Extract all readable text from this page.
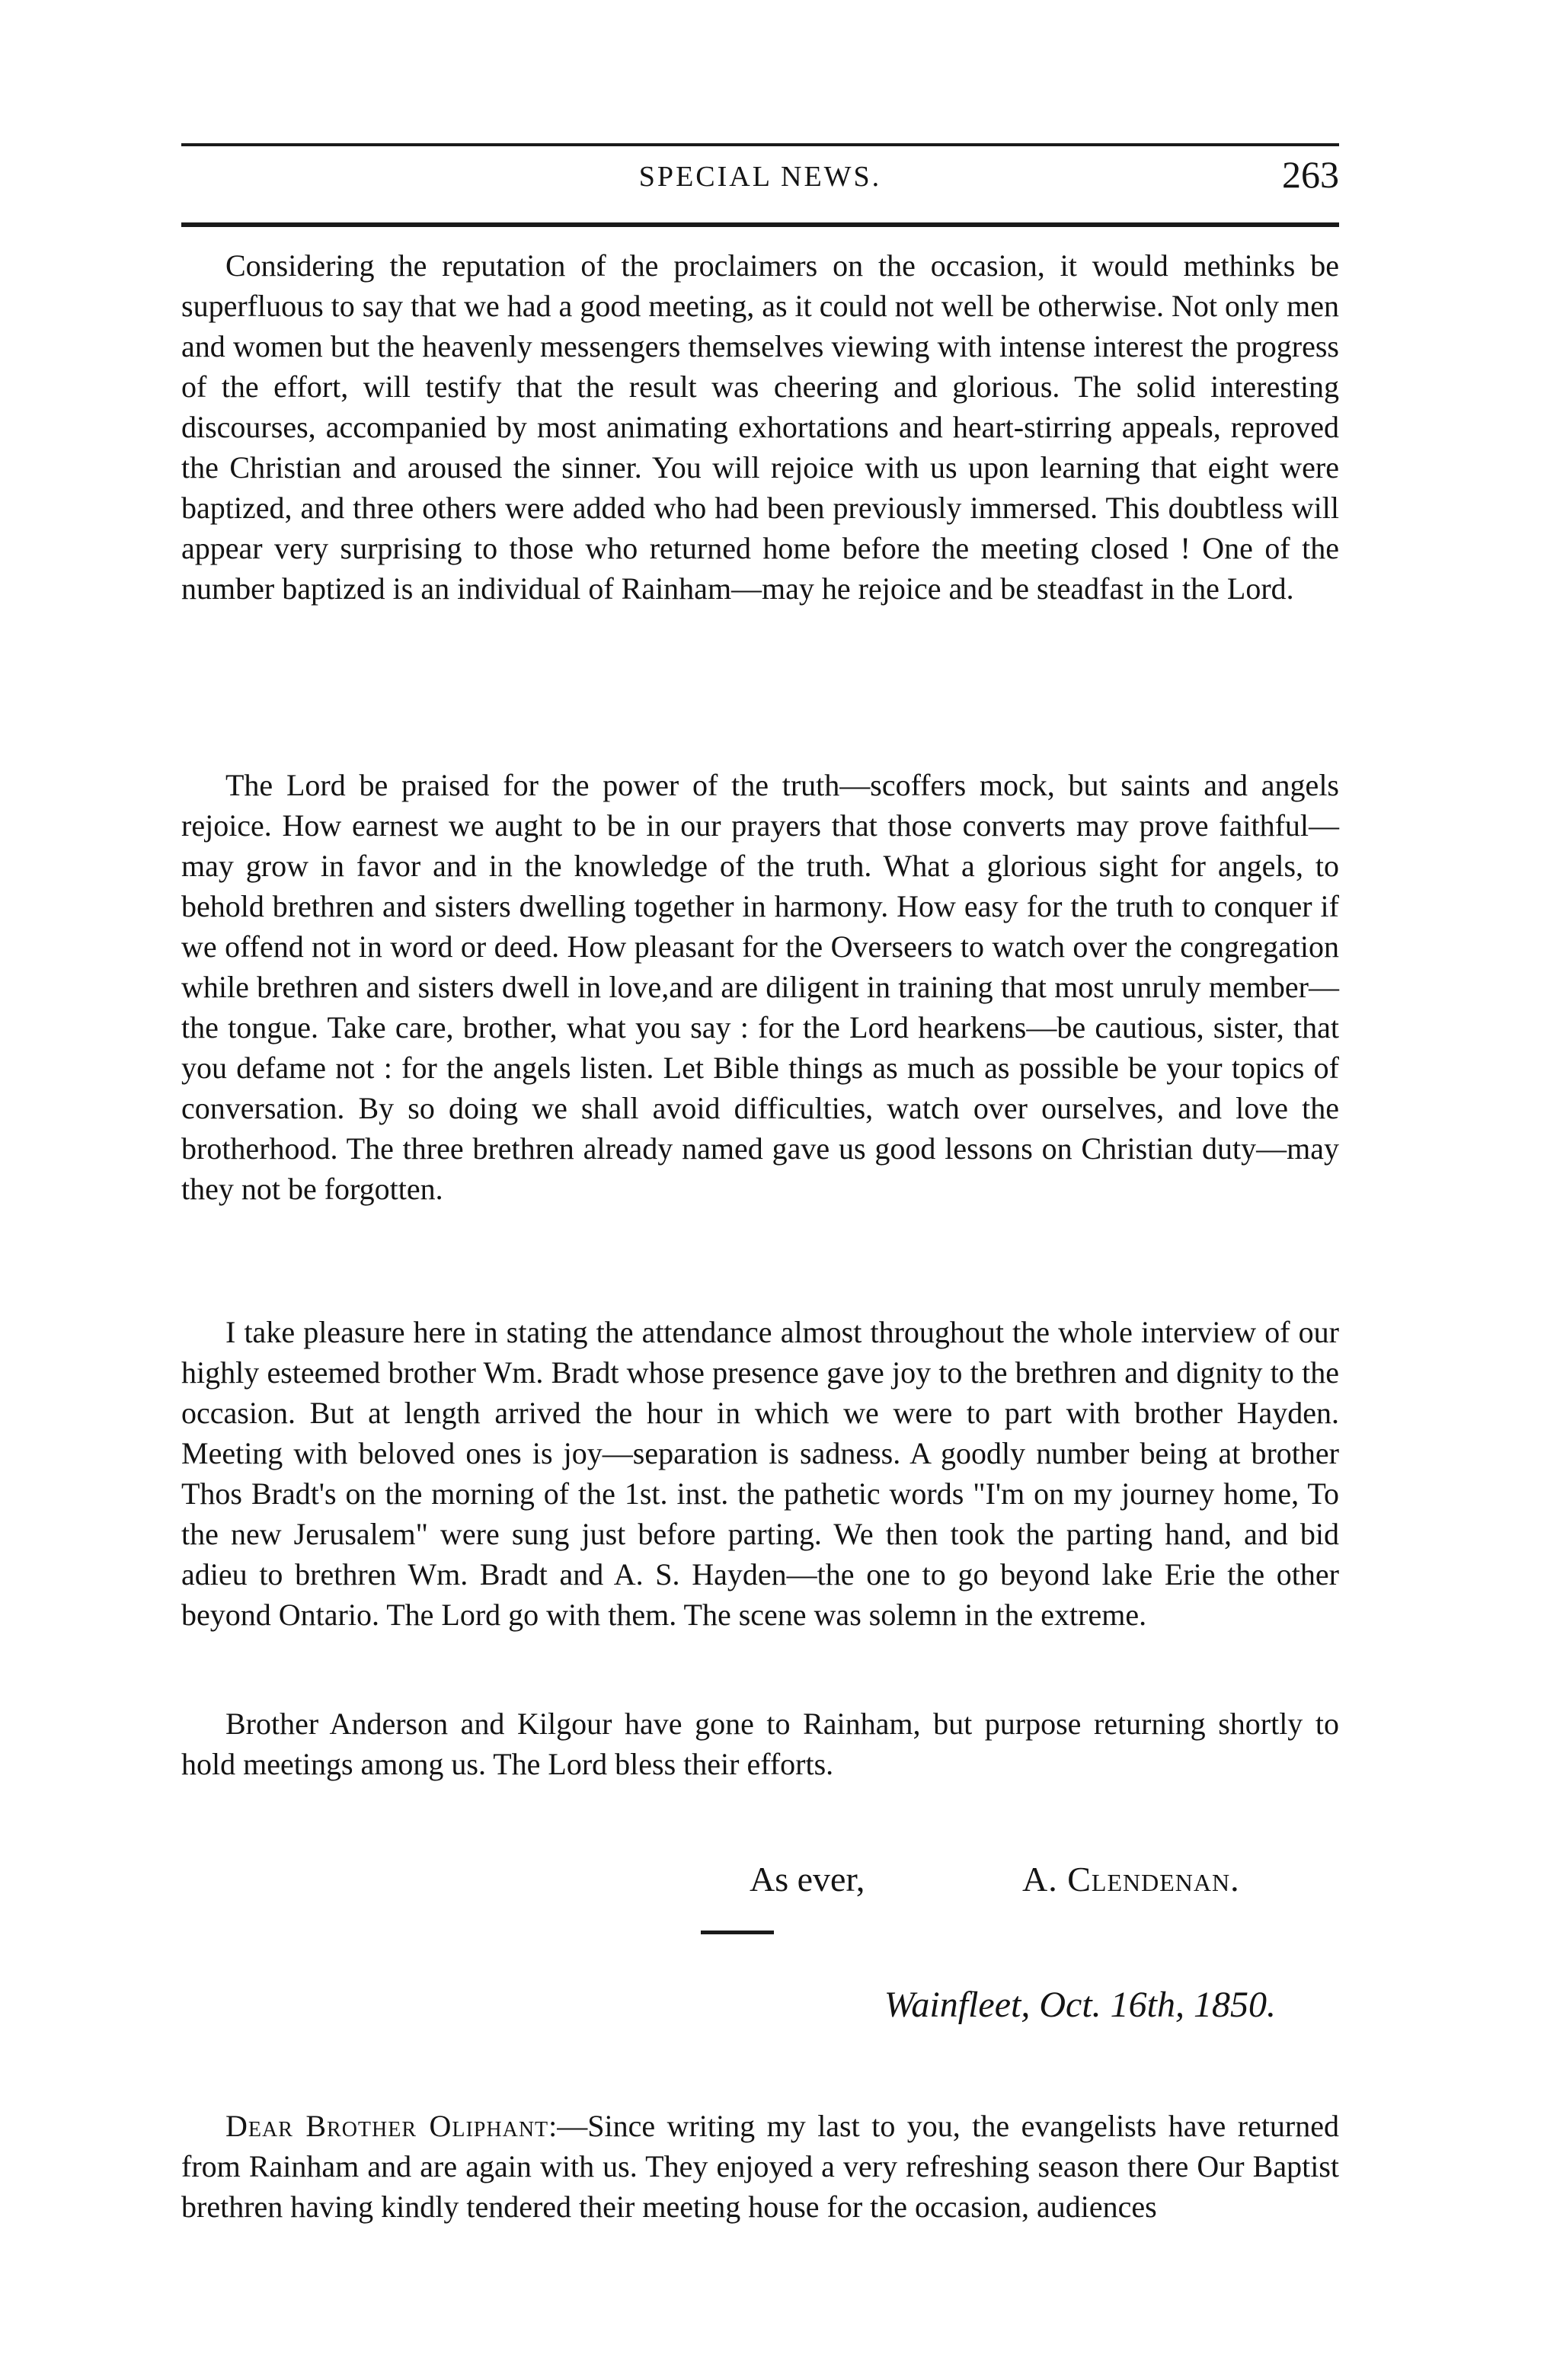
SPECIAL NEWS.	263

Considering the reputation of the proclaimers on the occasion, it would methinks be superfluous to say that we had a good meeting, as it could not well be otherwise. Not only men and women but the heavenly messengers themselves viewing with intense interest the progress of the effort, will testify that the result was cheering and glorious. The solid interesting discourses, accompanied by most animating exhortations and heart-stirring appeals, reproved the Christian and aroused the sinner. You will rejoice with us upon learning that eight were baptized, and three others were added who had been previously immersed. This doubtless will appear very surprising to those who returned home before the meeting closed ! One of the number baptized is an individual of Rainham—may he rejoice and be steadfast in the Lord.

The Lord be praised for the power of the truth—scoffers mock, but saints and angels rejoice. How earnest we aught to be in our prayers that those converts may prove faithful—may grow in favor and in the knowledge of the truth. What a glorious sight for angels, to behold brethren and sisters dwelling together in harmony. How easy for the truth to conquer if we offend not in word or deed. How pleasant for the Overseers to watch over the congregation while brethren and sisters dwell in love,and are diligent in training that most unruly member—the tongue. Take care, brother, what you say : for the Lord hearkens—be cautious, sister, that you defame not : for the angels listen. Let Bible things as much as possible be your topics of conversation. By so doing we shall avoid difficulties, watch over ourselves, and love the brotherhood. The three brethren already named gave us good lessons on Christian duty—may they not be forgotten.

I take pleasure here in stating the attendance almost throughout the whole interview of our highly esteemed brother Wm. Bradt whose presence gave joy to the brethren and dignity to the occasion. But at length arrived the hour in which we were to part with brother Hayden. Meeting with beloved ones is joy—separation is sadness. A goodly number being at brother Thos Bradt's on the morning of the 1st. inst. the pathetic words "I'm on my journey home, To the new Jerusalem" were sung just before parting. We then took the parting hand, and bid adieu to brethren Wm. Bradt and A. S. Hayden—the one to go beyond lake Erie the other beyond Ontario. The Lord go with them. The scene was solemn in the extreme.

Brother Anderson and Kilgour have gone to Rainham, but purpose returning shortly to hold meetings among us. The Lord bless their efforts.

As ever,	A. Clendenan.
Wainfleet, Oct. 16th, 1850.

Dear Brother Oliphant:—Since writing my last to you, the evangelists have returned from Rainham and are again with us. They enjoyed a very refreshing season there Our Baptist brethren having kindly tendered their meeting house for the occasion, audiences
